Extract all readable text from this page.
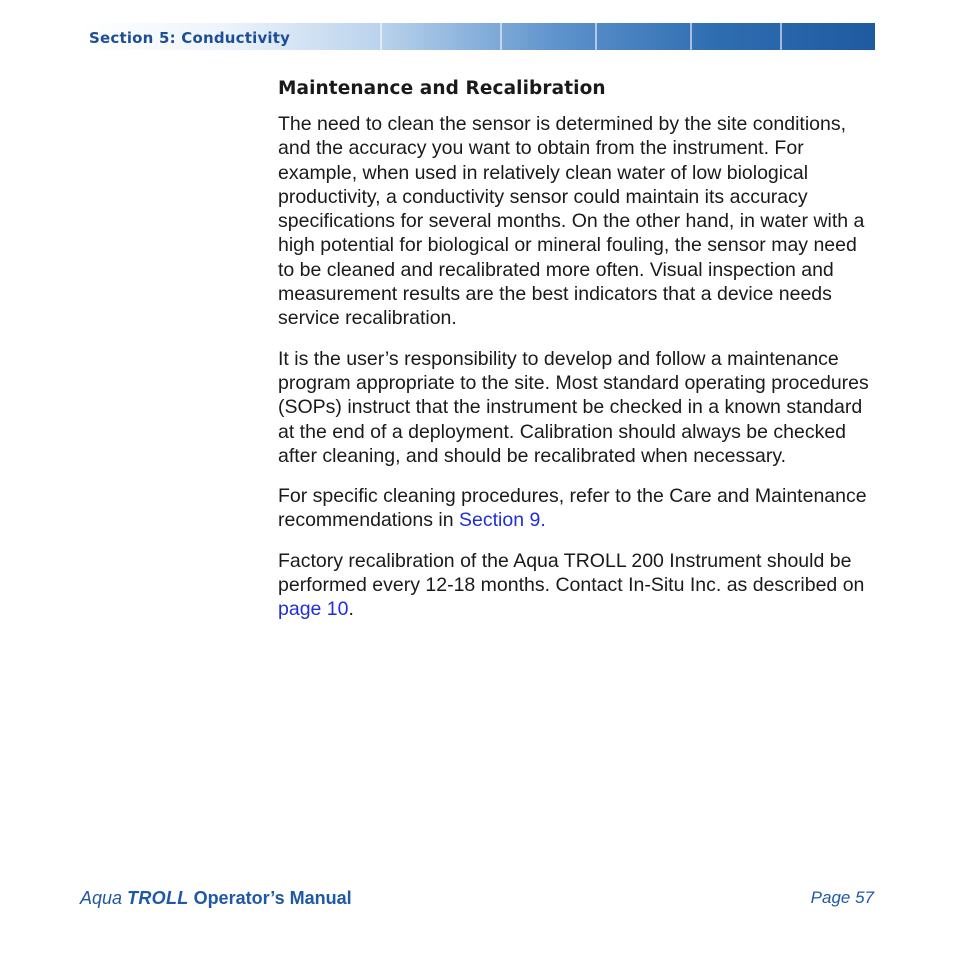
Section 5: Conductivity
Maintenance and Recalibration

The need to clean the sensor is determined by the site conditions, and the accuracy you want to obtain from the instrument. For example, when used in relatively clean water of low biological productivity, a conductivity sensor could maintain its accuracy specifications for several months. On the other hand, in water with a high potential for biological or mineral fouling, the sensor may need to be cleaned and recalibrated more often. Visual inspection and measurement results are the best indicators that a device needs service recalibration.

It is the user’s responsibility to develop and follow a maintenance program appropriate to the site. Most standard operating procedures (SOPs) instruct that the instrument be checked in a known standard at the end of a deployment. Calibration should always be checked after cleaning, and should be recalibrated when necessary.

For specific cleaning procedures, refer to the Care and Maintenance recommendations in Section 9.

Factory recalibration of the Aqua TROLL 200 Instrument should be performed every 12-18 months. Contact In-Situ Inc. as described on page 10.

Aqua TROLL Operator’s Manual	Page 57
